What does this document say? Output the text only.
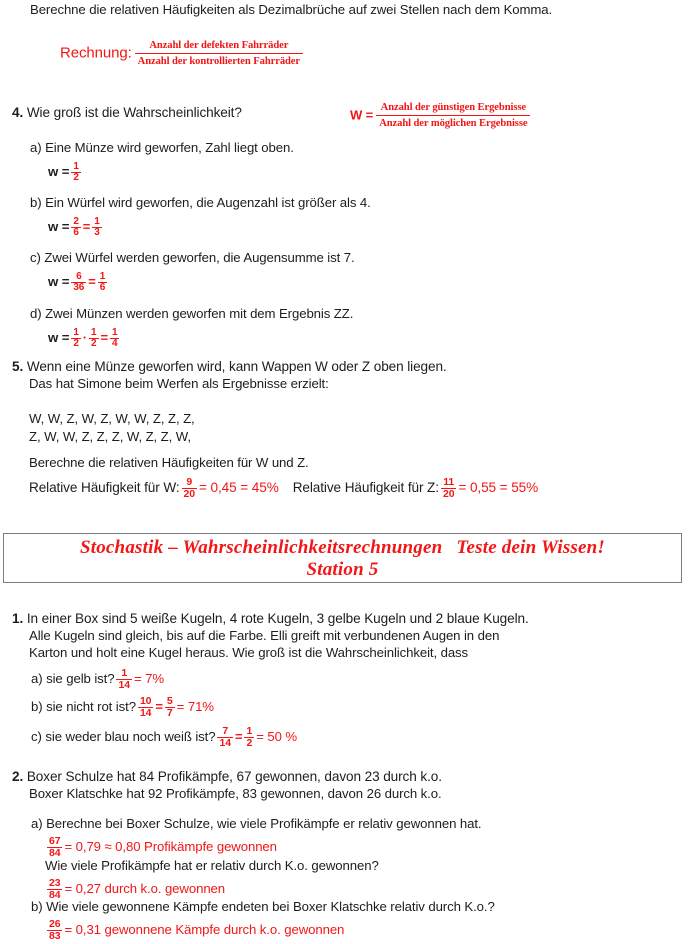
Berechne die relativen Häufigkeiten als Dezimalbrüche auf zwei Stellen nach dem Komma.
Rechnung:	Anzahl der defekten Fahrräder
Anzahl der kontrollierten Fahrräder
4. Wie groß ist die Wahrscheinlichkeit?	W =
Anzahl der günstigen Ergebnisse
Anzahl der möglichen Ergebnisse
a) Eine Münze wird geworfen, Zahl liegt oben.
$w = \frac{1}{2}$
b) Ein Würfel wird geworfen, die Augenzahl ist größer als 4.
$w = \frac{2}{6} = \frac{1}{3}$
c) Zwei Würfel werden geworfen, die Augensumme ist 7.
$w = \frac{6}{36} = \frac{1}{6}$
d) Zwei Münzen werden geworfen mit dem Ergebnis ZZ.
$w = \frac{1}{2} \cdot \frac{1}{2} = \frac{1}{4}$
5. Wenn eine Münze geworfen wird, kann Wappen W oder Z oben liegen.
Das hat Simone beim Werfen als Ergebnisse erzielt:
W, W, Z, W, Z, W, W, Z, Z, Z,
Z, W, W, Z, Z, Z, W, Z, Z, W,
Berechne die relativen Häufigkeiten für W und Z.
Relative Häufigkeit für W: $\frac{9}{20} = 0,45 = 45\%$ Relative Häufigkeit für Z: $\frac{11}{20} = 0,55 = 55\%$
Stochastik – Wahrscheinlichkeitsrechnungen Teste dein Wissen!
Station 5
1. In einer Box sind 5 weiße Kugeln, 4 rote Kugeln, 3 gelbe Kugeln und 2 blaue Kugeln.
Alle Kugeln sind gleich, bis auf die Farbe. Elli greift mit verbundenen Augen in den
Karton und holt eine Kugel heraus. Wie groß ist die Wahrscheinlichkeit, dass
a) sie gelb ist? $\frac{1}{14} = 7\%$
b) sie nicht rot ist? $\frac{10}{14} = \frac{5}{7} = 71\%$
c) sie weder blau noch weiß ist? $\frac{7}{14} = \frac{1}{2} = 50$ %
2. Boxer Schulze hat 84 Profikämpfe, 67 gewonnen, davon 23 durch k.o.
Boxer Klatschke hat 92 Profikämpfe, 83 gewonnen, davon 26 durch k.o.
a) Berechne bei Boxer Schulze, wie viele Profikämpfe er relativ gewonnen hat.
$\frac{67}{84} = 0,79 \approx 0,80$ Profikämpfe gewonnen
Wie viele Profikämpfe hat er relativ durch K.o. gewonnen?
$\frac{23}{84} = 0,27$ durch k.o. gewonnen
b) Wie viele gewonnene Kämpfe endeten bei Boxer Klatschke relativ durch K.o.?
$\frac{26}{83} = 0,31$ gewonnene Kämpfe durch k.o. gewonnen
